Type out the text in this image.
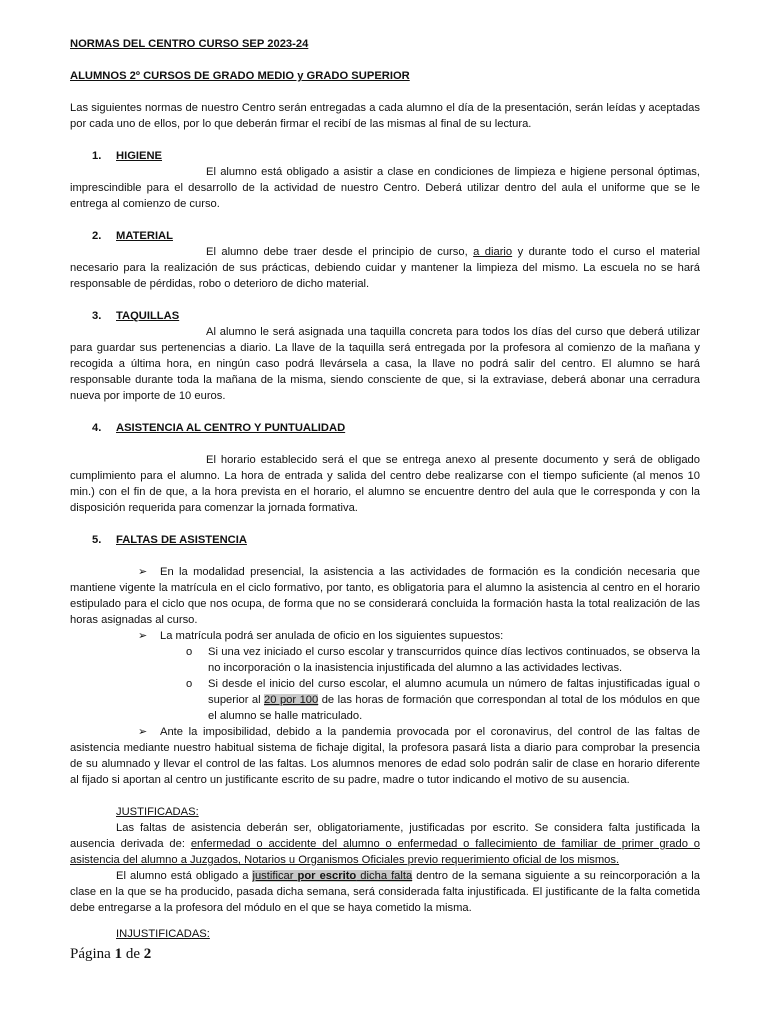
NORMAS DEL CENTRO CURSO SEP 2023-24

ALUMNOS 2º CURSOS DE GRADO MEDIO y GRADO SUPERIOR

Las siguientes normas de nuestro Centro serán entregadas a cada alumno el día de la presentación, serán leídas y aceptadas por cada uno de ellos, por lo que deberán firmar el recibí de las mismas al final de su lectura.

1.	HIGIENE

El alumno está obligado a asistir a clase en condiciones de limpieza e higiene personal óptimas, imprescindible para el desarrollo de la actividad de nuestro Centro. Deberá utilizar dentro del aula el uniforme que se le entrega al comienzo de curso.

2.	MATERIAL

El alumno debe traer desde el principio de curso, a diario y durante todo el curso el material necesario para la realización de sus prácticas, debiendo cuidar y mantener la limpieza del mismo. La escuela no se hará responsable de pérdidas, robo o deterioro de dicho material.

3.	TAQUILLAS

Al alumno le será asignada una taquilla concreta para todos los días del curso que deberá utilizar para guardar sus pertenencias a diario. La llave de la taquilla será entregada por la profesora al comienzo de la mañana y recogida a última hora, en ningún caso podrá llevársela a casa, la llave no podrá salir del centro. El alumno se hará responsable durante toda la mañana de la misma, siendo consciente de que, si la extraviase, deberá abonar una cerradura nueva por importe de 10 euros.

4.	ASISTENCIA AL CENTRO Y PUNTUALIDAD

El horario establecido será el que se entrega anexo al presente documento y será de obligado cumplimiento para el alumno. La hora de entrada y salida del centro debe realizarse con el tiempo suficiente (al menos 10 min.) con el fin de que, a la hora prevista en el horario, el alumno se encuentre dentro del aula que le corresponda y con la disposición requerida para comenzar la jornada formativa.

5.	FALTAS DE ASISTENCIA

➢ En la modalidad presencial, la asistencia a las actividades de formación es la condición necesaria que mantiene vigente la matrícula en el ciclo formativo, por tanto, es obligatoria para el alumno la asistencia al centro en el horario estipulado para el ciclo que nos ocupa, de forma que no se considerará concluida la formación hasta la total realización de las horas asignadas al curso.

➢ La matrícula podrá ser anulada de oficio en los siguientes supuestos:

o	Si una vez iniciado el curso escolar y transcurridos quince días lectivos continuados, se observa la no incorporación o la inasistencia injustificada del alumno a las actividades lectivas.
o	Si desde el inicio del curso escolar, el alumno acumula un número de faltas injustificadas igual o superior al 20 por 100 de las horas de formación que correspondan al total de los módulos en que el alumno se halle matriculado.

➢ Ante la imposibilidad, debido a la pandemia provocada por el coronavirus, del control de las faltas de asistencia mediante nuestro habitual sistema de fichaje digital, la profesora pasará lista a diario para comprobar la presencia de su alumnado y llevar el control de las faltas. Los alumnos menores de edad solo podrán salir de clase en horario diferente al fijado si aportan al centro un justificante escrito de su padre, madre o tutor indicando el motivo de su ausencia.

JUSTIFICADAS:

Las faltas de asistencia deberán ser, obligatoriamente, justificadas por escrito. Se considera falta justificada la ausencia derivada de: enfermedad o accidente del alumno o enfermedad o fallecimiento de familiar de primer grado o asistencia del alumno a Juzgados, Notarios u Organismos Oficiales previo requerimiento oficial de los mismos.

El alumno está obligado a justificar por escrito dicha falta dentro de la semana siguiente a su reincorporación a la clase en la que se ha producido, pasada dicha semana, será considerada falta injustificada. El justificante de la falta cometida debe entregarse a la profesora del módulo en el que se haya cometido la misma.

INJUSTIFICADAS:

Página 1 de 2
